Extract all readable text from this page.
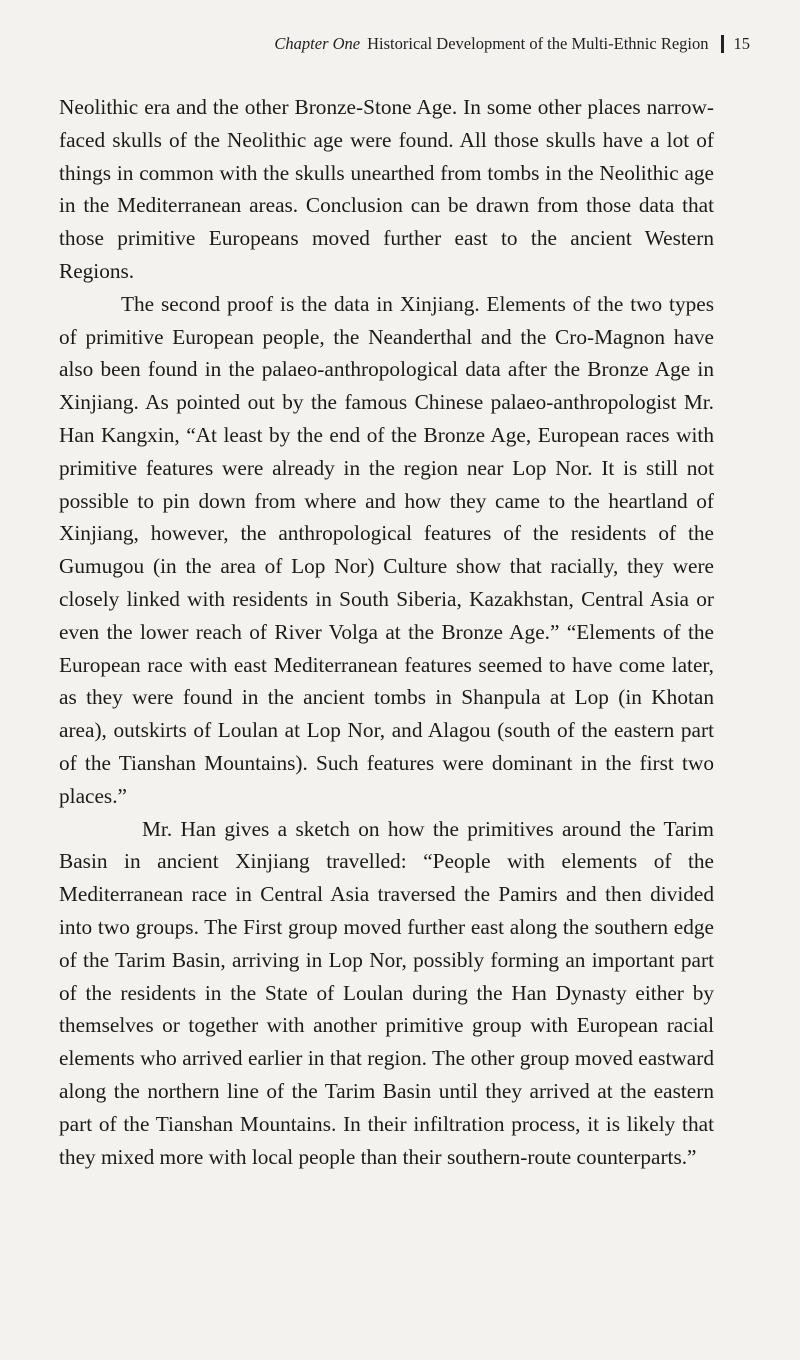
Chapter One Historical Development of the Multi-Ethnic Region 15

Neolithic era and the other Bronze-Stone Age. In some other places narrow-faced skulls of the Neolithic age were found. All those skulls have a lot of things in common with the skulls unearthed from tombs in the Neolithic age in the Mediterranean areas. Conclusion can be drawn from those data that those primitive Europeans moved further east to the ancient Western Regions.

The second proof is the data in Xinjiang. Elements of the two types of primitive European people, the Neanderthal and the Cro-Magnon have also been found in the palaeo-anthropological data after the Bronze Age in Xinjiang. As pointed out by the famous Chinese palaeo-anthropologist Mr. Han Kangxin, “At least by the end of the Bronze Age, European races with primitive features were already in the region near Lop Nor. It is still not possible to pin down from where and how they came to the heartland of Xinjiang, however, the anthropological features of the residents of the Gumugou (in the area of Lop Nor) Culture show that racially, they were closely linked with residents in South Siberia, Kazakhstan, Central Asia or even the lower reach of River Volga at the Bronze Age.” “Elements of the European race with east Mediterranean features seemed to have come later, as they were found in the ancient tombs in Shanpula at Lop (in Khotan area), outskirts of Loulan at Lop Nor, and Alagou (south of the eastern part of the Tianshan Mountains). Such features were dominant in the first two places.”

Mr. Han gives a sketch on how the primitives around the Tarim Basin in ancient Xinjiang travelled: “People with elements of the Mediterranean race in Central Asia traversed the Pamirs and then divided into two groups. The First group moved further east along the southern edge of the Tarim Basin, arriving in Lop Nor, possibly forming an important part of the residents in the State of Loulan during the Han Dynasty either by themselves or together with another primitive group with European racial elements who arrived earlier in that region. The other group moved eastward along the northern line of the Tarim Basin until they arrived at the eastern part of the Tianshan Mountains. In their infiltration process, it is likely that they mixed more with local people than their southern-route counterparts.”
